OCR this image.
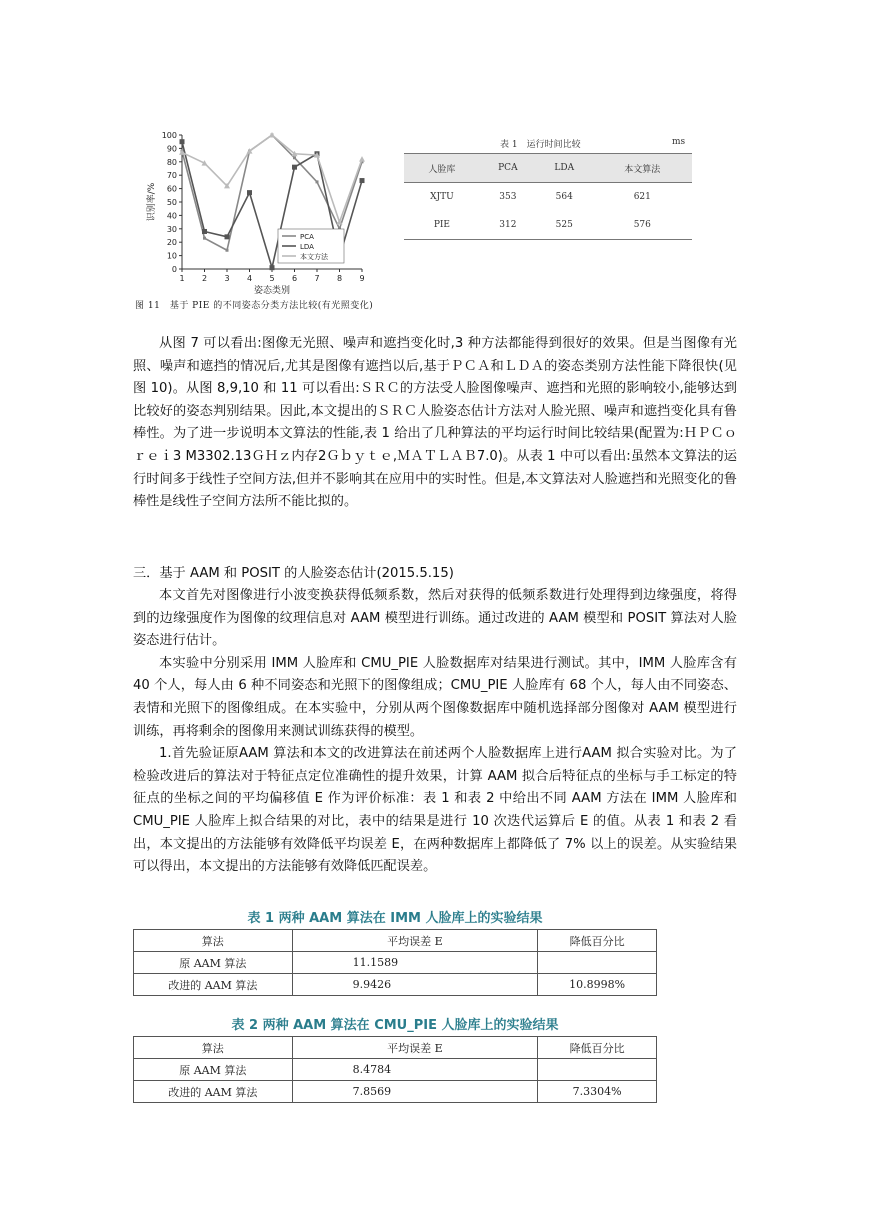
0
10
20
30
40
50
60
70
80
90
100
1 2 3 4 5 6 7 8 9
姿态类别
识别率/%
PCA
LDA
本文方法
图 11　基于 PIE 的不同姿态分类方法比较(有光照变化)
表 1　运行时间比较	ms
人脸库	PCA	LDA	本文算法
XJTU	353	564	621
PIE	312	525	576

从图 7 可以看出:图像无光照、噪声和遮挡变化时,3 种方法都能得到很好的效果。但是当图像有光照、噪声和遮挡的情况后,尤其是图像有遮挡以后,基于ＰＣＡ和ＬＤＡ的姿态类别方法性能下降很快(见图 10)。从图 8,9,10 和 11 可以看出:ＳＲＣ的方法受人脸图像噪声、遮挡和光照的影响较小,能够达到比较好的姿态判别结果。因此,本文提出的ＳＲＣ人脸姿态估计方法对人脸光照、噪声和遮挡变化具有鲁棒性。为了进一步说明本文算法的性能,表 1 给出了几种算法的平均运行时间比较结果(配置为:ＨＰＣｏｒｅｉ3 M3302.13ＧＨｚ内存2Ｇｂｙｔｅ,ＭＡＴＬＡＢ7.0)。从表 1 中可以看出:虽然本文算法的运行时间多于线性子空间方法,但并不影响其在应用中的实时性。但是,本文算法对人脸遮挡和光照变化的鲁棒性是线性子空间方法所不能比拟的。

三．基于 AAM 和 POSIT 的人脸姿态估计(2015.5.15)

本文首先对图像进行小波变换获得低频系数，然后对获得的低频系数进行处理得到边缘强度，将得到的边缘强度作为图像的纹理信息对 AAM 模型进行训练。通过改进的 AAM 模型和 POSIT 算法对人脸姿态进行估计。

本实验中分别采用 IMM 人脸库和 CMU_PIE 人脸数据库对结果进行测试。其中，IMM 人脸库含有 40 个人，每人由 6 种不同姿态和光照下的图像组成；CMU_PIE 人脸库有 68 个人，每人由不同姿态、表情和光照下的图像组成。在本实验中，分别从两个图像数据库中随机选择部分图像对 AAM 模型进行训练，再将剩余的图像用来测试训练获得的模型。

1.首先验证原AAM 算法和本文的改进算法在前述两个人脸数据库上进行AAM 拟合实验对比。为了检验改进后的算法对于特征点定位准确性的提升效果，计算 AAM 拟合后特征点的坐标与手工标定的特征点的坐标之间的平均偏移值 E 作为评价标准：表 1 和表 2 中给出不同 AAM 方法在 IMM 人脸库和 CMU_PIE 人脸库上拟合结果的对比，表中的结果是进行 10 次迭代运算后 E 的值。从表 1 和表 2 看出，本文提出的方法能够有效降低平均误差 E，在两种数据库上都降低了 7% 以上的误差。从实验结果可以得出，本文提出的方法能够有效降低匹配误差。

表 1 两种 AAM 算法在 IMM 人脸库上的实验结果
算法	平均误差 E	降低百分比
原 AAM 算法	11.1589	
改进的 AAM 算法	9.9426	10.8998%
表 2 两种 AAM 算法在 CMU_PIE 人脸库上的实验结果
算法	平均误差 E	降低百分比
原 AAM 算法	8.4784	
改进的 AAM 算法	7.8569	7.3304%
